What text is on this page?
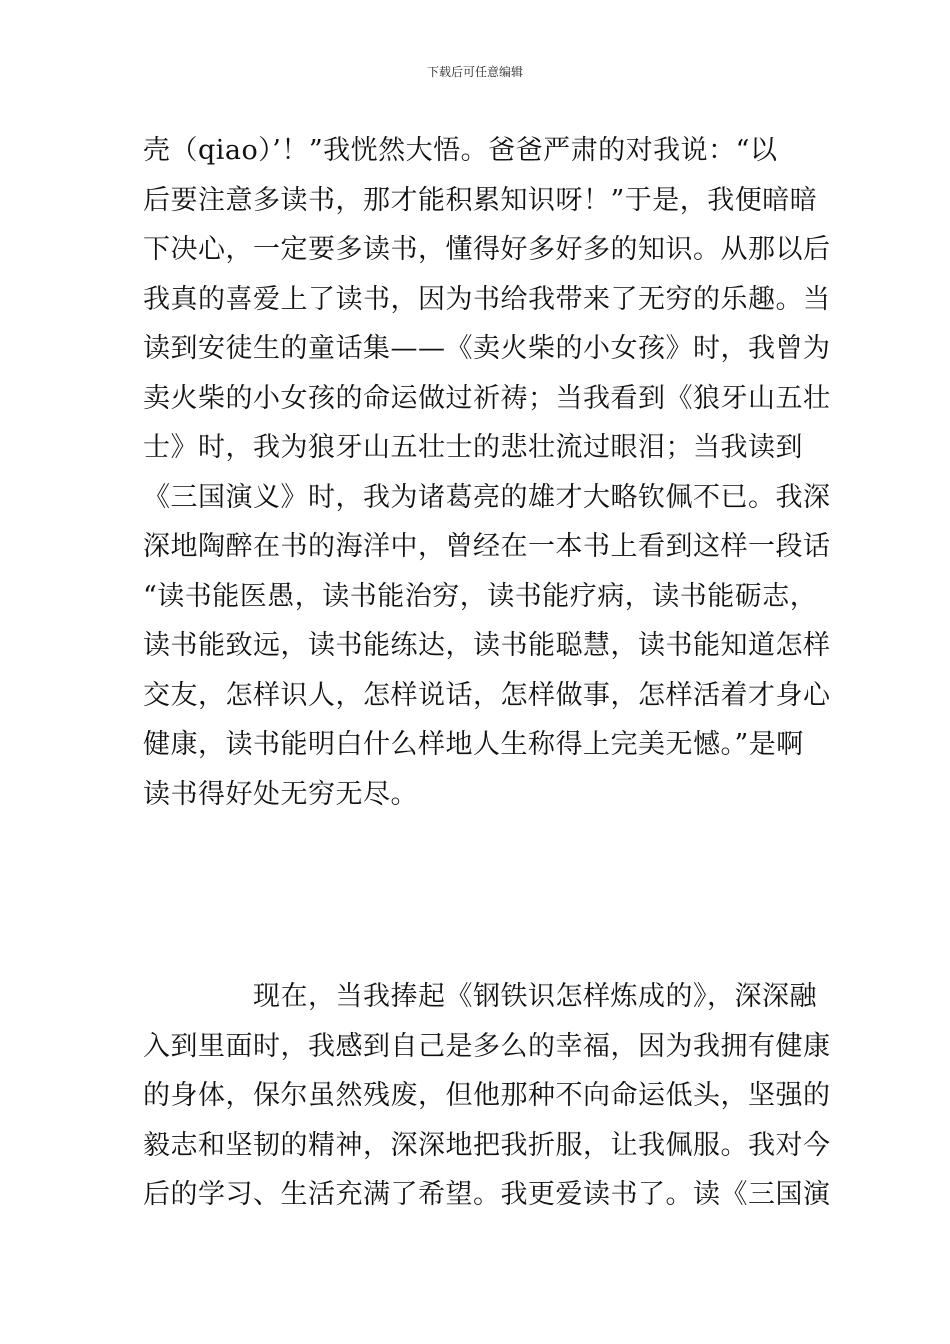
下载后可任意编辑
壳（qiao）’！”我恍然大悟。爸爸严肃的对我说：“以
后要注意多读书，那才能积累知识呀！”于是，我便暗暗
下决心，一定要多读书，懂得好多好多的知识。从那以后
我真的喜爱上了读书，因为书给我带来了无穷的乐趣。当
读到安徒生的童话集——《卖火柴的小女孩》时，我曾为
卖火柴的小女孩的命运做过祈祷；当我看到《狼牙山五壮
士》时，我为狼牙山五壮士的悲壮流过眼泪；当我读到
《三国演义》时，我为诸葛亮的雄才大略钦佩不已。我深
深地陶醉在书的海洋中，曾经在一本书上看到这样一段话
“读书能医愚，读书能治穷，读书能疗病，读书能砺志，
读书能致远，读书能练达，读书能聪慧，读书能知道怎样
交友，怎样识人，怎样说话，怎样做事，怎样活着才身心
健康，读书能明白什么样地人生称得上完美无憾。”是啊
读书得好处无穷无尽。
　　　　现在，当我捧起《钢铁识怎样炼成的》，深深融
入到里面时，我感到自己是多么的幸福，因为我拥有健康
的身体，保尔虽然残废，但他那种不向命运低头，坚强的
毅志和坚韧的精神，深深地把我折服，让我佩服。我对今
后的学习、生活充满了希望。我更爱读书了。读《三国演
